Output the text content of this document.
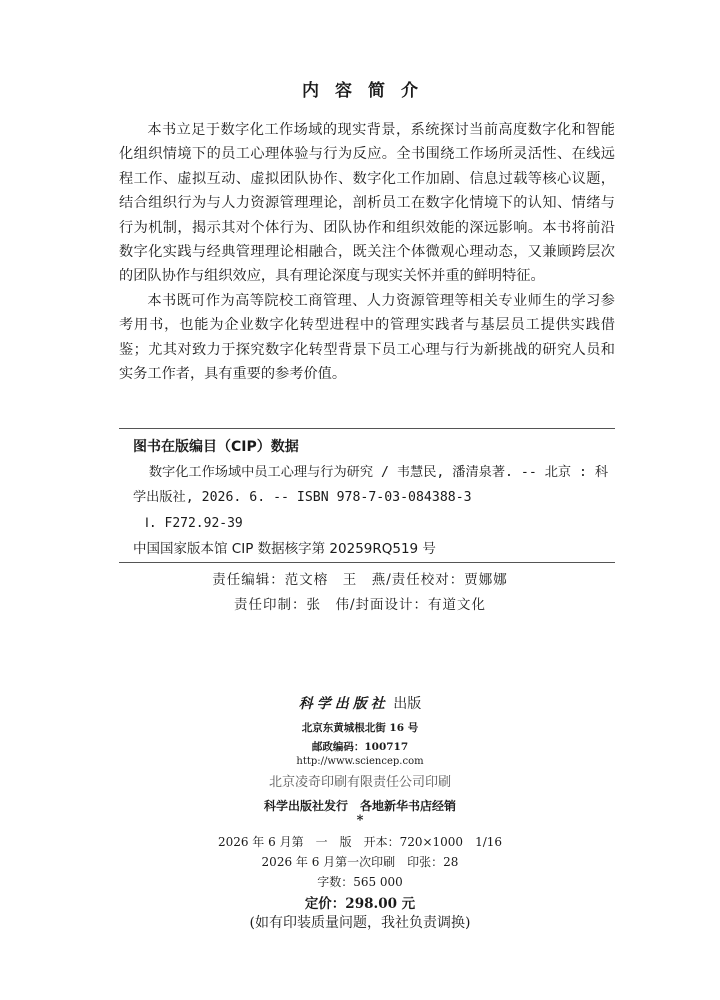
内容简介

本书立足于数字化工作场域的现实背景，系统探讨当前高度数字化和智能化组织情境下的员工心理体验与行为反应。全书围绕工作场所灵活性、在线远程工作、虚拟互动、虚拟团队协作、数字化工作加剧、信息过载等核心议题，结合组织行为与人力资源管理理论，剖析员工在数字化情境下的认知、情绪与行为机制，揭示其对个体行为、团队协作和组织效能的深远影响。本书将前沿数字化实践与经典管理理论相融合，既关注个体微观心理动态，又兼顾跨层次的团队协作与组织效应，具有理论深度与现实关怀并重的鲜明特征。

本书既可作为高等院校工商管理、人力资源管理等相关专业师生的学习参考用书，也能为企业数字化转型进程中的管理实践者与基层员工提供实践借鉴；尤其对致力于探究数字化转型背景下员工心理与行为新挑战的研究人员和实务工作者，具有重要的参考价值。

图书在版编目（CIP）数据
数字化工作场域中员工心理与行为研究 / 韦慧民, 潘清泉著. -- 北京 : 科学出版社, 2026. 6. -- ISBN 978-7-03-084388-3
Ⅰ. F272.92-39
中国国家版本馆 CIP 数据核字第 20259RQ519 号
责任编辑：范文榕　王　燕/责任校对：贾娜娜
责任印制：张　伟/封面设计：有道文化
科学出版社 出版
北京东黄城根北街 16 号
邮政编码：100717
http://www.sciencep.com
北京凌奇印刷有限责任公司印刷
科学出版社发行　各地新华书店经销
*
2026 年 6 月第　一　版　开本：720×1000　1/16
2026 年 6 月第一次印刷　印张：28
字数：565 000
定价：298.00 元
(如有印装质量问题，我社负责调换)
